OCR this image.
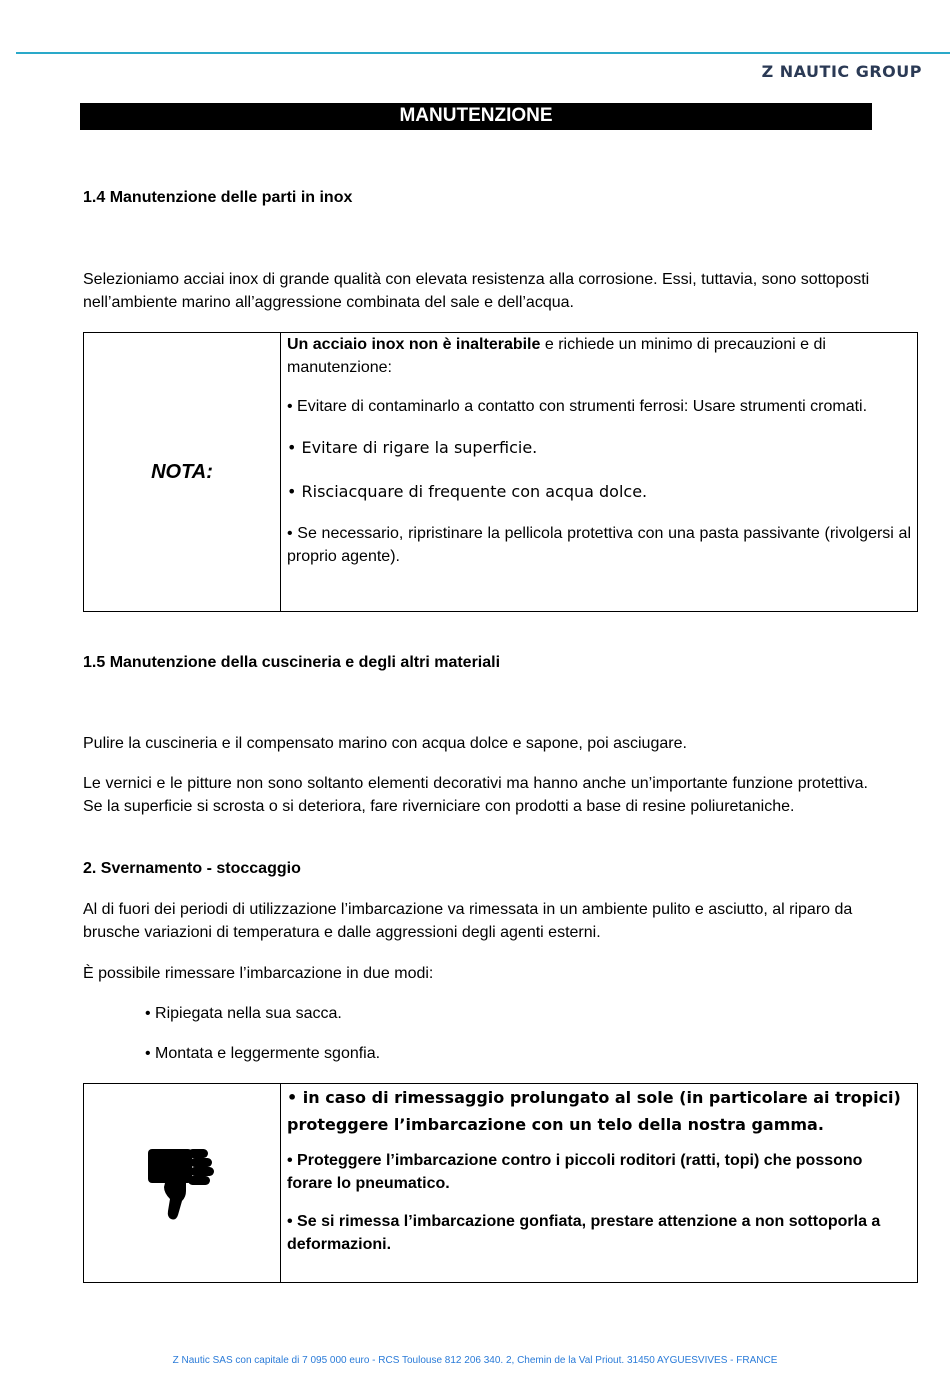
Z NAUTIC GROUP
MANUTENZIONE
1.4 Manutenzione delle parti in inox
Selezioniamo acciai inox di grande qualità con elevata resistenza alla corrosione. Essi, tuttavia, sono sottoposti nell’ambiente marino all’aggressione combinata del sale e dell’acqua.
NOTA:
Un acciaio inox non è inalterabile e richiede un minimo di precauzioni e di manutenzione:
• Evitare di contaminarlo a contatto con strumenti ferrosi: Usare strumenti cromati.
• Evitare di rigare la superficie.
• Risciacquare di frequente con acqua dolce.
• Se necessario, ripristinare la pellicola protettiva con una pasta passivante (rivolgersi al proprio agente).
1.5 Manutenzione della cuscineria e degli altri materiali
Pulire la cuscineria e il compensato marino con acqua dolce e sapone, poi asciugare.
Le vernici e le pitture non sono soltanto elementi decorativi ma hanno anche un’importante funzione protettiva. Se la superficie si scrosta o si deteriora, fare riverniciare con prodotti a base di resine poliuretaniche.
2. Svernamento - stoccaggio
Al di fuori dei periodi di utilizzazione l’imbarcazione va rimessata in un ambiente pulito e asciutto, al riparo da brusche variazioni di temperatura e dalle aggressioni degli agenti esterni.
È possibile rimessare l’imbarcazione in due modi:
• Ripiegata nella sua sacca.
• Montata e leggermente sgonfia.
• in caso di rimessaggio prolungato al sole (in particolare ai tropici) proteggere l’imbarcazione con un telo della nostra gamma.
• Proteggere l’imbarcazione contro i piccoli roditori (ratti, topi) che possono forare lo pneumatico.
• Se si rimessa l’imbarcazione gonfiata, prestare attenzione a non sottoporla a deformazioni.
Z Nautic SAS con capitale di 7 095 000 euro - RCS Toulouse 812 206 340. 2, Chemin de la Val Priout. 31450 AYGUESVIVES - FRANCE
